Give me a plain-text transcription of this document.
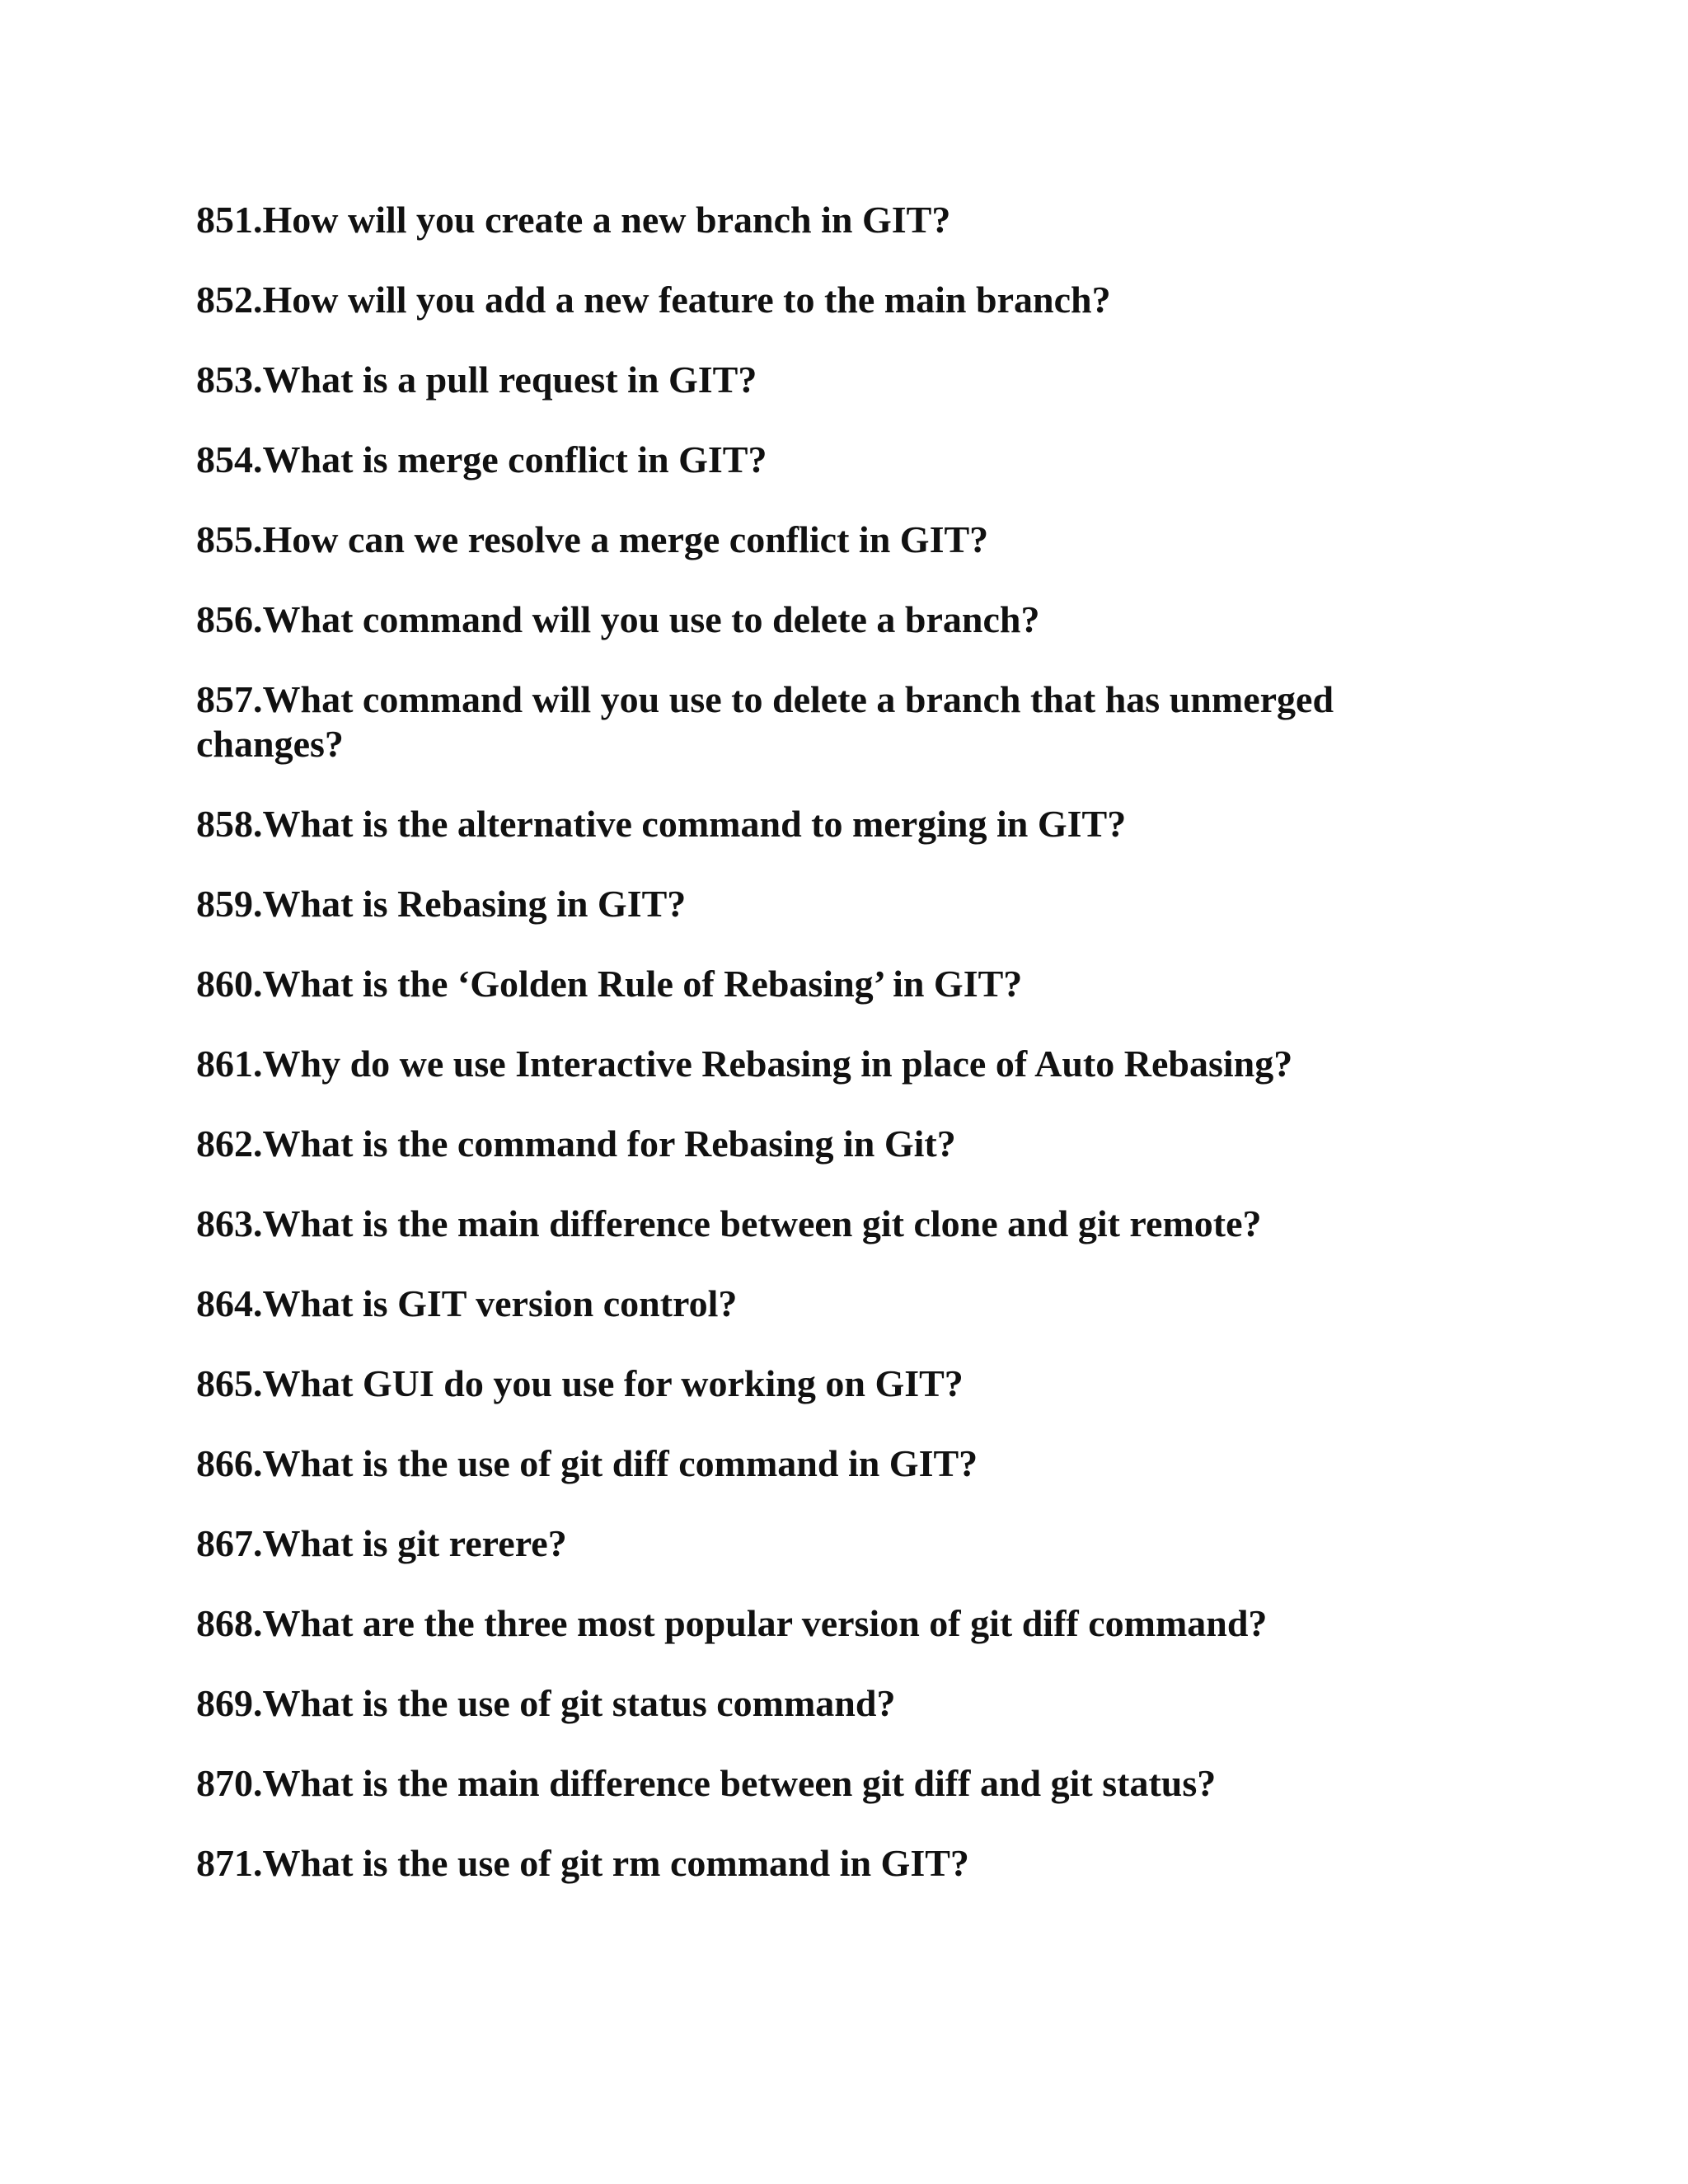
851.How will you create a new branch in GIT?
852.How will you add a new feature to the main branch?
853.What is a pull request in GIT?
854.What is merge conflict in GIT?
855.How can we resolve a merge conflict in GIT?
856.What command will you use to delete a branch?
857.What command will you use to delete a branch that has unmerged changes?
858.What is the alternative command to merging in GIT?
859.What is Rebasing in GIT?
860.What is the ‘Golden Rule of Rebasing’ in GIT?
861.Why do we use Interactive Rebasing in place of Auto Rebasing?
862.What is the command for Rebasing in Git?
863.What is the main difference between git clone and git remote?
864.What is GIT version control?
865.What GUI do you use for working on GIT?
866.What is the use of git diff command in GIT?
867.What is git rerere?
868.What are the three most popular version of git diff command?
869.What is the use of git status command?
870.What is the main difference between git diff and git status?
871.What is the use of git rm command in GIT?
